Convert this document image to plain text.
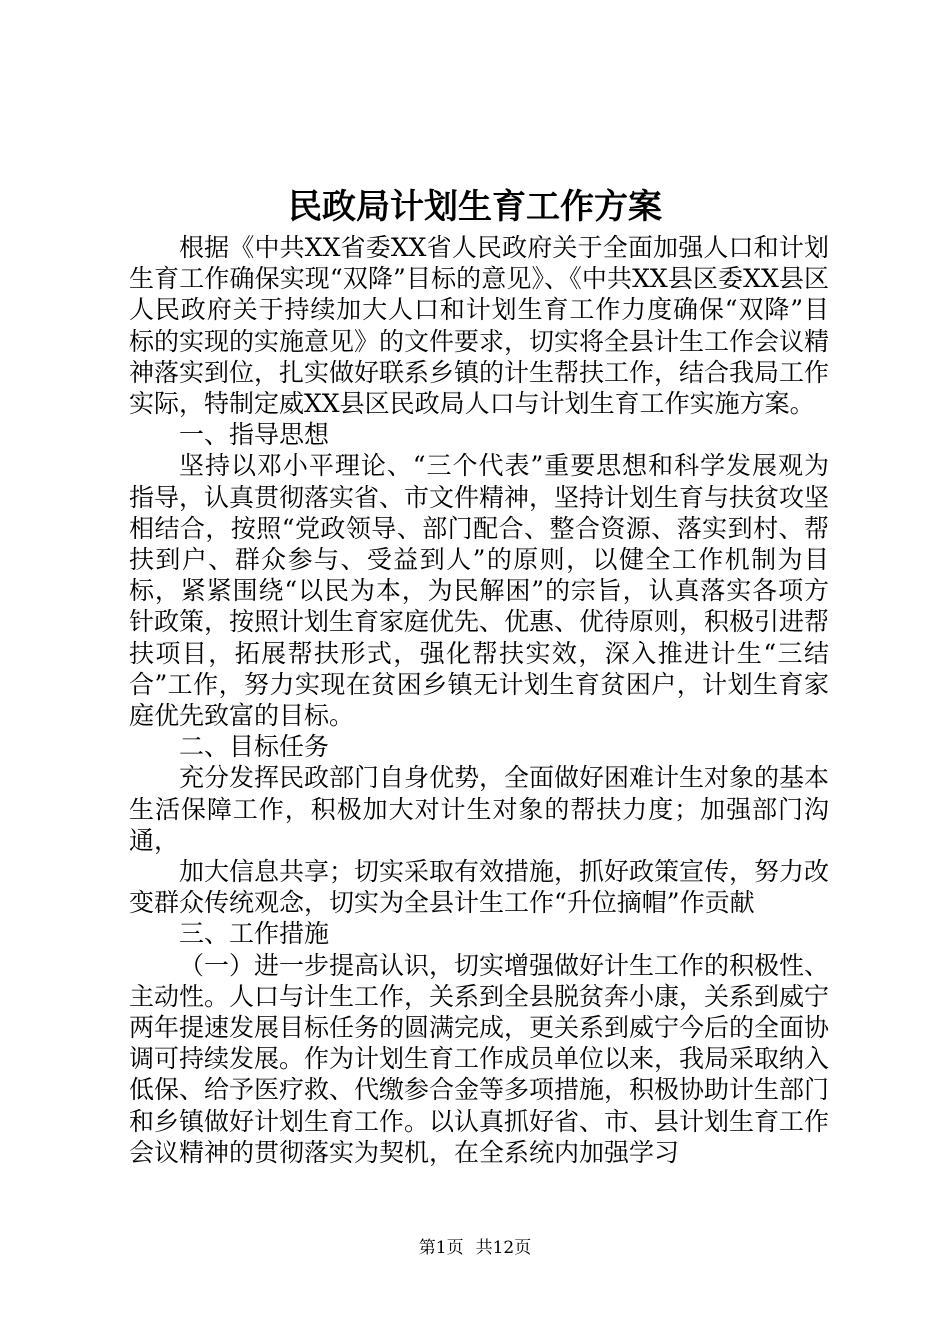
民政局计划生育工作方案

根据《中共XX省委XX省人民政府关于全面加强人口和计划生育工作确保实现“双降”目标的意见》、《中共XX县区委XX县区人民政府关于持续加大人口和计划生育工作力度确保“双降”目标的实现的实施意见》的文件要求，切实将全县计生工作会议精神落实到位，扎实做好联系乡镇的计生帮扶工作，结合我局工作实际，特制定威XX县区民政局人口与计划生育工作实施方案。

一、指导思想

坚持以邓小平理论、“三个代表”重要思想和科学发展观为指导，认真贯彻落实省、市文件精神，坚持计划生育与扶贫攻坚相结合，按照“党政领导、部门配合、整合资源、落实到村、帮扶到户、群众参与、受益到人”的原则，以健全工作机制为目标，紧紧围绕“以民为本，为民解困”的宗旨，认真落实各项方针政策，按照计划生育家庭优先、优惠、优待原则，积极引进帮扶项目，拓展帮扶形式，强化帮扶实效，深入推进计生“三结合”工作，努力实现在贫困乡镇无计划生育贫困户，计划生育家庭优先致富的目标。

二、目标任务

充分发挥民政部门自身优势，全面做好困难计生对象的基本生活保障工作，积极加大对计生对象的帮扶力度；加强部门沟通，

加大信息共享；切实采取有效措施，抓好政策宣传，努力改变群众传统观念，切实为全县计生工作“升位摘帽”作贡献

三、工作措施

（一）进一步提高认识，切实增强做好计生工作的积极性、主动性。人口与计生工作，关系到全县脱贫奔小康，关系到威宁两年提速发展目标任务的圆满完成，更关系到威宁今后的全面协调可持续发展。作为计划生育工作成员单位以来，我局采取纳入低保、给予医疗救、代缴参合金等多项措施，积极协助计生部门和乡镇做好计划生育工作。以认真抓好省、市、县计划生育工作会议精神的贯彻落实为契机，在全系统内加强学习

第1页 共12页
